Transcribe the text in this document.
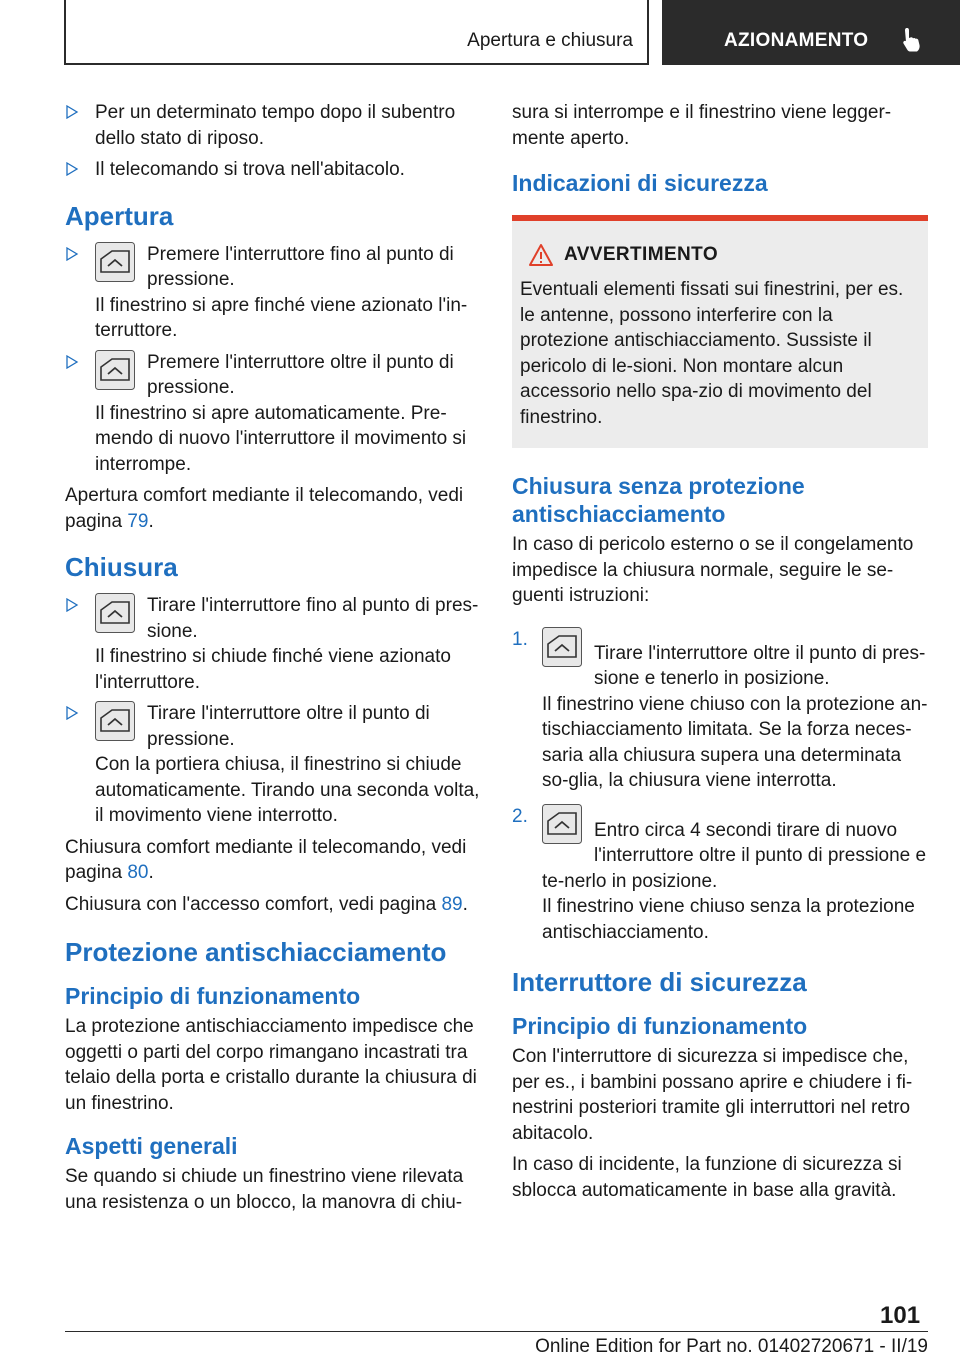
Apertura e chiusura	AZIONAMENTO

Per un determinato tempo dopo il subentro dello stato di riposo.

Il telecomando si trova nell'abitacolo.

Apertura

Premere l'interruttore fino al punto di pressione.

Il finestrino si apre finché viene azionato l'in-terruttore.

Premere l'interruttore oltre il punto di pressione.

Il finestrino si apre automaticamente. Pre-mendo di nuovo l'interruttore il movimento si interrompe.

Apertura comfort mediante il telecomando, vedi pagina 79.

Chiusura

Tirare l'interruttore fino al punto di pres-sione.

Il finestrino si chiude finché viene azionato l'interruttore.

Tirare l'interruttore oltre il punto di pressione.

Con la portiera chiusa, il finestrino si chiude automaticamente. Tirando una seconda volta, il movimento viene interrotto.

Chiusura comfort mediante il telecomando, vedi pagina 80.

Chiusura con l'accesso comfort, vedi pagina 89.

Protezione antischiacciamento
Principio di funzionamento

La protezione antischiacciamento impedisce che oggetti o parti del corpo rimangano incastrati tra telaio della porta e cristallo durante la chiusura di un finestrino.

Aspetti generali

Se quando si chiude un finestrino viene rilevata una resistenza o un blocco, la manovra di chiu-

sura si interrompe e il finestrino viene legger-mente aperto.

Indicazioni di sicurezza
AVVERTIMENTO

Eventuali elementi fissati sui finestrini, per es. le antenne, possono interferire con la protezione antischiacciamento. Sussiste il pericolo di le-sioni. Non montare alcun accessorio nello spa-zio di movimento del finestrino.

Chiusura senza protezione antischiacciamento

In caso di pericolo esterno o se il congelamento impedisce la chiusura normale, seguire le se-guenti istruzioni:

1.

Tirare l'interruttore oltre il punto di pres-sione e tenerlo in posizione.

Il finestrino viene chiuso con la protezione an-tischiacciamento limitata. Se la forza neces-saria alla chiusura supera una determinata so-glia, la chiusura viene interrotta.

2.

Entro circa 4 secondi tirare di nuovo l'interruttore oltre il punto di pressione e te-nerlo in posizione.

Il finestrino viene chiuso senza la protezione antischiacciamento.

Interruttore di sicurezza
Principio di funzionamento

Con l'interruttore di sicurezza si impedisce che, per es., i bambini possano aprire e chiudere i fi-nestrini posteriori tramite gli interruttori nel retro abitacolo.

In caso di incidente, la funzione di sicurezza si sblocca automaticamente in base alla gravità.

101
Online Edition for Part no. 01402720671 - II/19
